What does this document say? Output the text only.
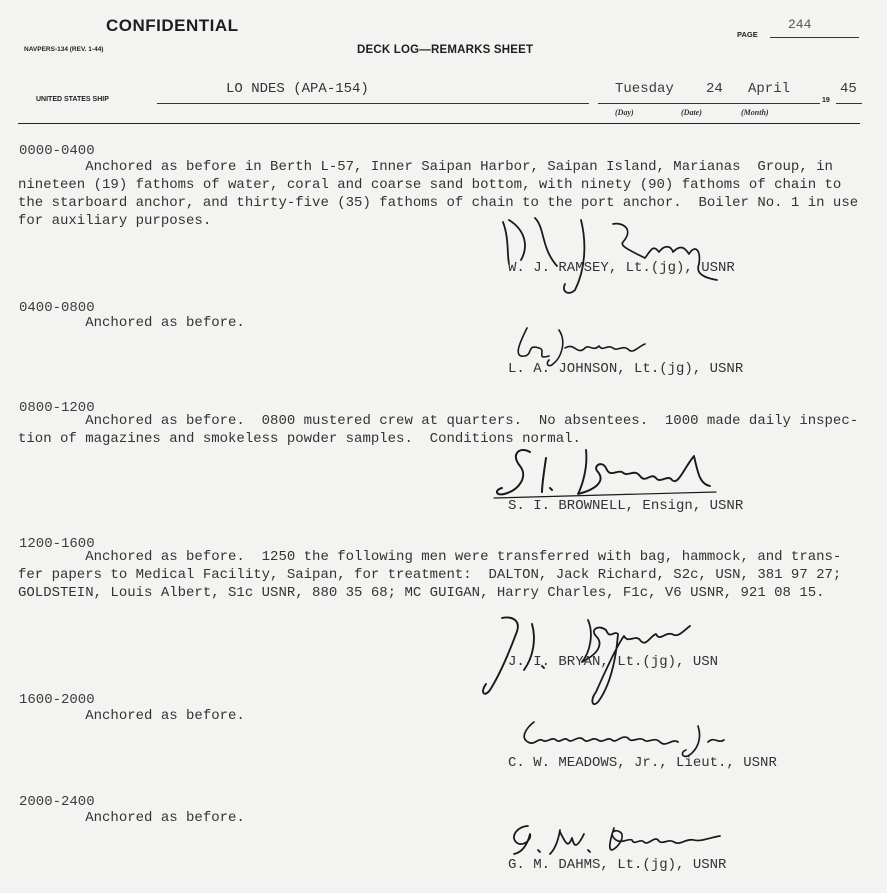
CONFIDENTIAL
NAVPERS-134 (REV. 1-44)	DECK LOG—REMARKS SHEET
PAGE
244
UNITED STATES SHIP
LO NDES (APA-154)	Tuesday 24 April	45
19
(Day)	(Date)	(Month)
0000-0400
Anchored as before in Berth L-57, Inner Saipan Harbor, Saipan Island, Marianas  Group, in
nineteen (19) fathoms of water, coral and coarse sand bottom, with ninety (90) fathoms of chain to
the starboard anchor, and thirty-five (35) fathoms of chain to the port anchor.  Boiler No. 1 in use
for auxiliary purposes.
W. J. RAMSEY, Lt.(jg), USNR
0400-0800
Anchored as before.
L. A. JOHNSON, Lt.(jg), USNR
0800-1200
Anchored as before.  0800 mustered crew at quarters.  No absentees.  1000 made daily inspec-
tion of magazines and smokeless powder samples.  Conditions normal.
S. I. BROWNELL, Ensign, USNR
1200-1600
Anchored as before.  1250 the following men were transferred with bag, hammock, and trans-
fer papers to Medical Facility, Saipan, for treatment:  DALTON, Jack Richard, S2c, USN, 381 97 27;
GOLDSTEIN, Louis Albert, S1c USNR, 880 35 68; MC GUIGAN, Harry Charles, F1c, V6 USNR, 921 08 15.
J. I. BRYAN, Lt.(jg), USN
1600-2000
Anchored as before.
C. W. MEADOWS, Jr., Lieut., USNR
2000-2400
Anchored as before.
G. M. DAHMS, Lt.(jg), USNR
